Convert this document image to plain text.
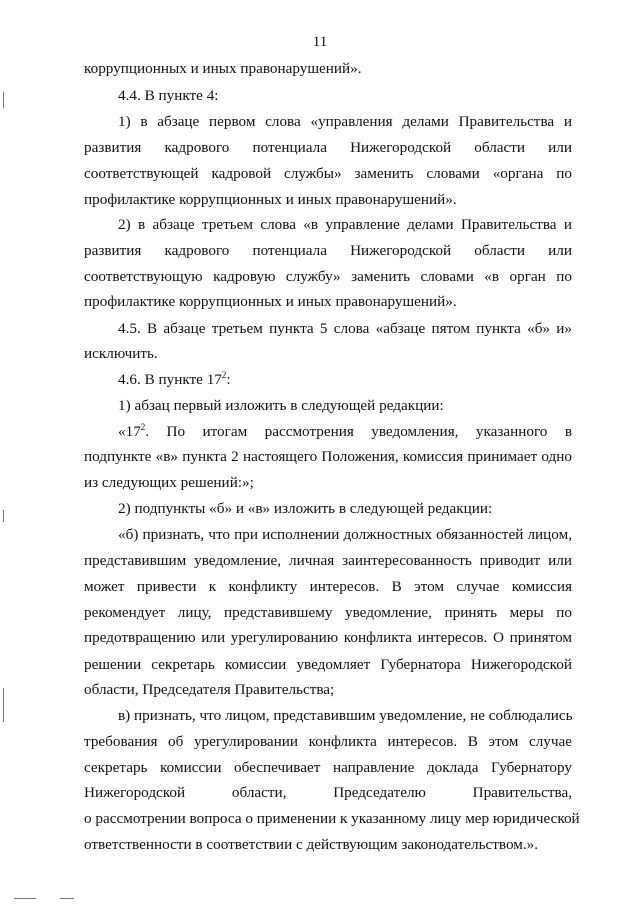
11
коррупционных и иных правонарушений».
4.4. В пункте 4:
1) в абзаце первом слова «управления делами Правительства и
развития кадрового потенциала Нижегородской области или
соответствующей кадровой службы» заменить словами «органа по
профилактике коррупционных и иных правонарушений».
2) в абзаце третьем слова «в управление делами Правительства и
развития кадрового потенциала Нижегородской области или
соответствующую кадровую службу» заменить словами «в орган по
профилактике коррупционных и иных правонарушений».
4.5. В абзаце третьем пункта 5 слова «абзаце пятом пункта «б» и»
исключить.
4.6. В пункте $17^2$:
1) абзац первый изложить в следующей редакции:
«$17^2$. По итогам рассмотрения уведомления, указанного в
подпункте «в» пункта 2 настоящего Положения, комиссия принимает одно
из следующих решений:»;
2) подпункты «б» и «в» изложить в следующей редакции:
«б) признать, что при исполнении должностных обязанностей лицом,
представившим уведомление, личная заинтересованность приводит или
может привести к конфликту интересов. В этом случае комиссия
рекомендует лицу, представившему уведомление, принять меры по
предотвращению или урегулированию конфликта интересов. О принятом
решении секретарь комиссии уведомляет Губернатора Нижегородской
области, Председателя Правительства;
в) признать, что лицом, представившим уведомление, не соблюдались
требования об урегулировании конфликта интересов. В этом случае
секретарь комиссии обеспечивает направление доклада Губернатору
Нижегородской области, Председателю Правительства,
о рассмотрении вопроса о применении к указанному лицу мер юридической
ответственности в соответствии с действующим законодательством.».
